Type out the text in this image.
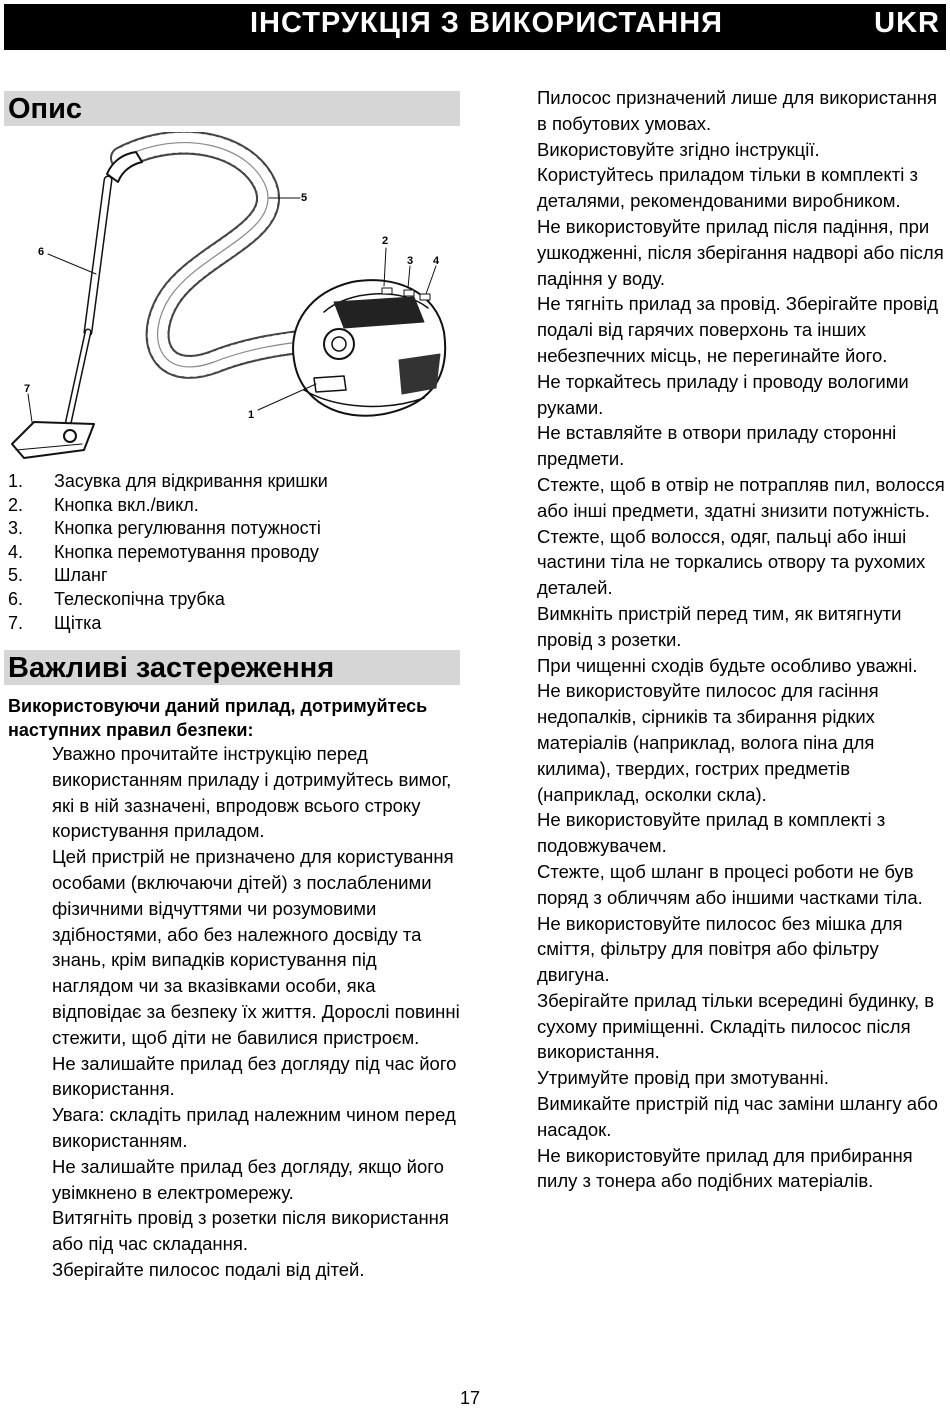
ІНСТРУКЦІЯ З ВИКОРИСТАННЯ	UKR
Опис
1
2
3 4
5
6
7
1. Засувка для відкривання кришки
2. Кнопка вкл./викл.
3. Кнопка регулювання потужності
4. Кнопка перемотування проводу
5. Шланг
6. Телескопічна трубка
7. Щітка
Важливі застереження
Використовуючи даний прилад, дотримуйтесь наступних правил безпеки:

Уважно прочитайте інструкцію перед використанням приладу і дотримуйтесь вимог, які в ній зазначені, впродовж всього строку користування приладом.

Цей пристрій не призначено для користування особами (включаючи дітей) з послабленими фізичними відчуттями чи розумовими здібностями, або без належного досвіду та знань, крім випадків користування під наглядом чи за вказівками особи, яка відповідає за безпеку їх життя. Дорослі повинні стежити, щоб діти не бавилися пристроєм.

Не залишайте прилад без догляду під час його використання.

Увага: складіть прилад належним чином перед використанням.

Не залишайте прилад без догляду, якщо його увімкнено в електромережу.

Витягніть провід з розетки після використання або під час складання.

Зберігайте пилосос подалі від дітей.

Пилосос призначений лише для використання в побутових умовах.

Використовуйте згідно інструкції.

Користуйтесь приладом тільки в комплекті з деталями, рекомендованими виробником.

Не використовуйте прилад після падіння, при ушкодженні, після зберігання надворі або після падіння у воду.

Не тягніть прилад за провід. Зберігайте провід подалі від гарячих поверхонь та інших небезпечних місць, не перегинайте його.

Не торкайтесь приладу і проводу вологими руками.

Не вставляйте в отвори приладу сторонні предмети.

Стежте, щоб в отвір не потрапляв пил, волосся або інші предмети, здатні знизити потужність.

Стежте, щоб волосся, одяг, пальці або інші частини тіла не торкались отвору та рухомих деталей.

Вимкніть пристрій перед тим, як витягнути провід з розетки.

При чищенні сходів будьте особливо уважні.

Не використовуйте пилосос для гасіння недопалків, сірників та збирання рідких матеріалів (наприклад, волога піна для килима), твердих, гострих предметів (наприклад, осколки скла).

Не використовуйте прилад в комплекті з подовжувачем.

Стежте, щоб шланг в процесі роботи не був поряд з обличчям або іншими частками тіла.

Не використовуйте пилосос без мішка для сміття, фільтру для повітря або фільтру двигуна.

Зберігайте прилад тільки всередині будинку, в сухому приміщенні. Складіть пилосос після використання.

Утримуйте провід при змотуванні.

Вимикайте пристрій під час заміни шлангу або насадок.

Не використовуйте прилад для прибирання пилу з тонера або подібних матеріалів.

17
